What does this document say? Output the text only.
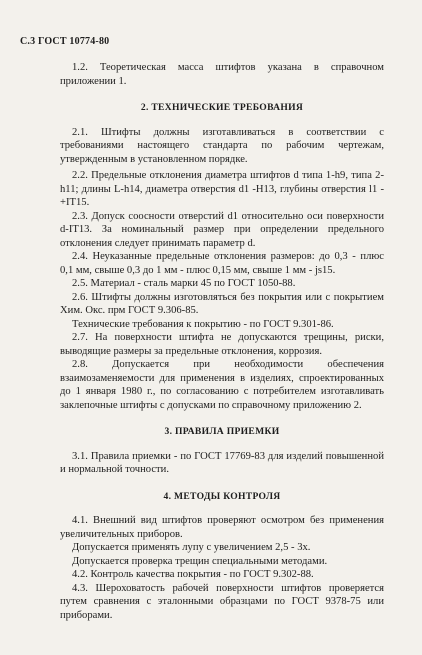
С.3 ГОСТ 10774-80

1.2. Теоретическая масса штифтов указана в справочном приложении 1.

2. ТЕХНИЧЕСКИЕ ТРЕБОВАНИЯ

2.1. Штифты должны изготавливаться в соответствии с требованиями настоящего стандарта по рабочим чертежам, утвержденным в установленном порядке.

2.2. Предельные отклонения диаметра штифтов d типа 1-h9, типа 2-h11; длины L-h14, диаметра отверстия d1 -H13, глубины отверстия l1 -+IT15.

2.3. Допуск соосности отверстий d1 относительно оси поверхности d-IT13. За номинальный размер при определении предельного отклонения следует принимать параметр d.

2.4. Неуказанные предельные отклонения размеров: до 0,3 - плюс 0,1 мм, свыше 0,3 до 1 мм - плюс 0,15 мм, свыше 1 мм - js15.

2.5. Материал - сталь марки 45 по ГОСТ 1050-88.

2.6. Штифты должны изготовляться без покрытия или с покрытием Хим. Окс. прм ГОСТ 9.306-85.

Технические требования к покрытию - по ГОСТ 9.301-86.

2.7. На поверхности штифта не допускаются трещины, риски, выводящие размеры за предельные отклонения, коррозия.

2.8. Допускается при необходимости обеспечения взаимозаменяемости для применения в изделиях, спроектированных до 1 января 1980 г., по согласованию с потребителем изготавливать заклепочные штифты с допусками по справочному приложению 2.

3. ПРАВИЛА ПРИЕМКИ

3.1. Правила приемки - по ГОСТ 17769-83 для изделий повышенной и нормальной точности.

4. МЕТОДЫ КОНТРОЛЯ

4.1. Внешний вид штифтов проверяют осмотром без применения увеличительных приборов.

Допускается применять лупу с увеличением 2,5 - 3х.

Допускается проверка трещин специальными методами.

4.2. Контроль качества покрытия - по ГОСТ 9.302-88.

4.3. Шероховатость рабочей поверхности штифтов проверяется путем сравнения с эталонными образцами по ГОСТ 9378-75 или приборами.
